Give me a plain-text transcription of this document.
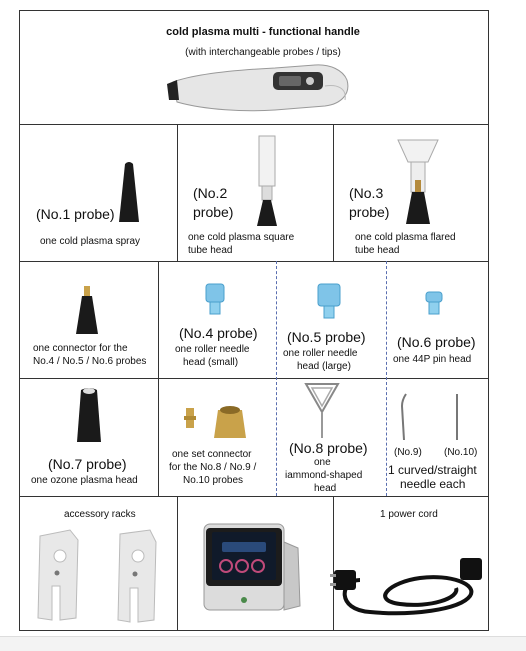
cold plasma multi - functional handle
(with interchangeable probes / tips)
(No.1 probe)
one cold plasma spray
(No.2
probe)
one cold plasma square
tube head
(No.3
probe)
one cold plasma flared
tube head
one connector for the
No.4 / No.5 / No.6 probes
(No.4 probe)
one roller needle
head (small)
(No.5 probe)
one roller needle
head (large)
(No.6 probe)
one 44P pin head
(No.7 probe)
one ozone plasma head
one set connector
for the No.8 / No.9 /
No.10 probes
(No.8 probe)
one
iammond-shaped
head
(No.9) (No.10)
1 curved/straight
needle each
accessory racks	1 power cord
